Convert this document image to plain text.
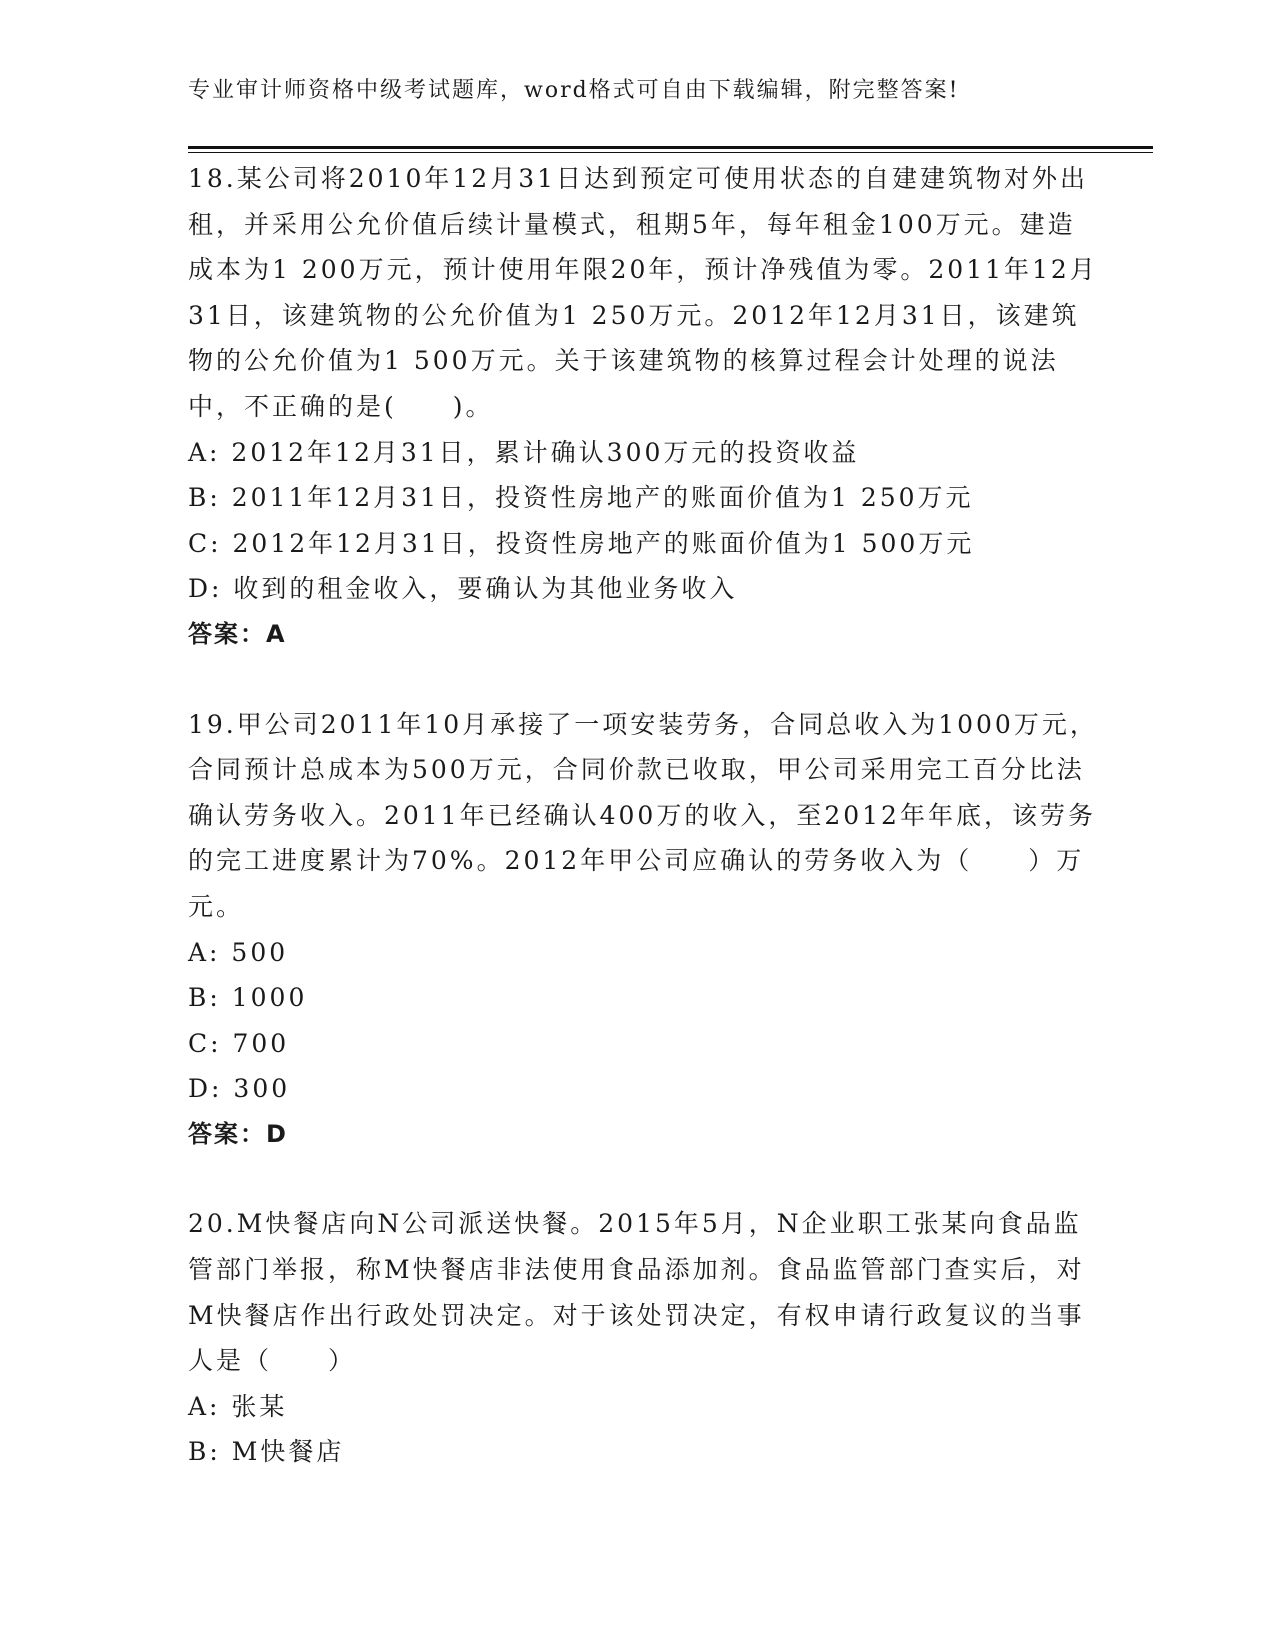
专业审计师资格中级考试题库，word格式可自由下载编辑，附完整答案!

18.某公司将2010年12月31日达到预定可使用状态的自建建筑物对外出租，并采用公允价值后续计量模式，租期5年，每年租金100万元。建造成本为1 200万元，预计使用年限20年，预计净残值为零。2011年12月31日，该建筑物的公允价值为1 250万元。2012年12月31日，该建筑物的公允价值为1 500万元。关于该建筑物的核算过程会计处理的说法中，不正确的是(　　)。

A: 2012年12月31日，累计确认300万元的投资收益

B: 2011年12月31日，投资性房地产的账面价值为1 250万元

C: 2012年12月31日，投资性房地产的账面价值为1 500万元

D: 收到的租金收入，要确认为其他业务收入

答案：A

19.甲公司2011年10月承接了一项安装劳务，合同总收入为1000万元，合同预计总成本为500万元，合同价款已收取，甲公司采用完工百分比法确认劳务收入。2011年已经确认400万的收入，至2012年年底，该劳务的完工进度累计为70%。2012年甲公司应确认的劳务收入为（　　）万元。

A: 500

B: 1000

C: 700

D: 300

答案：D

20.M快餐店向N公司派送快餐。2015年5月，N企业职工张某向食品监管部门举报，称M快餐店非法使用食品添加剂。食品监管部门查实后，对M快餐店作出行政处罚决定。对于该处罚决定，有权申请行政复议的当事人是（　　）

A: 张某

B: M快餐店
